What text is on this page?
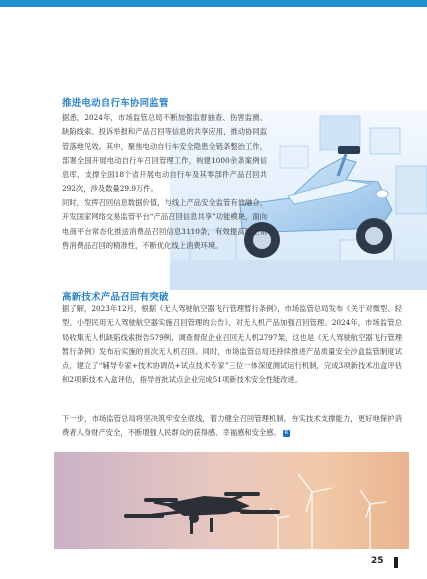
推进电动自行车协同监管

据悉，2024年，市场监管总局不断加强监督抽查、伤害监测、缺陷线索、投诉举报和产品召回等信息的共享应用，推动协同监管落地见效。其中，聚焦电动自行车安全隐患全链条整治工作，部署全国开展电动自行车召回管理工作，构建1000余条案例信息库，支撑全国18个省开展电动自行车及其零部件产品召回共292次，涉及数量29.9万件。

同时，发挥召回信息数据价值，与线上产品安全监管有效融合，开发国家网络交易监管平台“产品召回信息共享”功能模块，面向电商平台常态化推送消费品召回信息3110条，有效提高线上销售消费品召回的精准性，不断优化线上消费环境。

高新技术产品召回有突破

据了解，2023年12月，根据《无人驾驶航空器飞行管理暂行条例》，市场监管总局发布《关于对微型、轻型、小型民用无人驾驶航空器实施召回管理的公告》，对无人机产品加强召回管理。2024年，市场监管总局收集无人机缺陷线索报告579例，调查督促企业召回无人机2797架，这也是《无人驾驶航空器飞行管理暂行条例》发布后实施的首次无人机召回。同时，市场监管总局还持续推进产品质量安全沙盒监管制度试点，建立了“辅导专家+技术协调员+试点技术专家”三位一体深度测试运行机制，完成3项新技术出盒评估和2项新技术入盒评估，指导首批试点企业完成51项新技术安全性能改进。

下一步，市场监管总局将坚决筑牢安全底线，着力健全召回管理机制，夯实技术支撑能力，更好地保护消费者人身财产安全，不断增强人民群众的获得感、幸福感和安全感。 R

25
